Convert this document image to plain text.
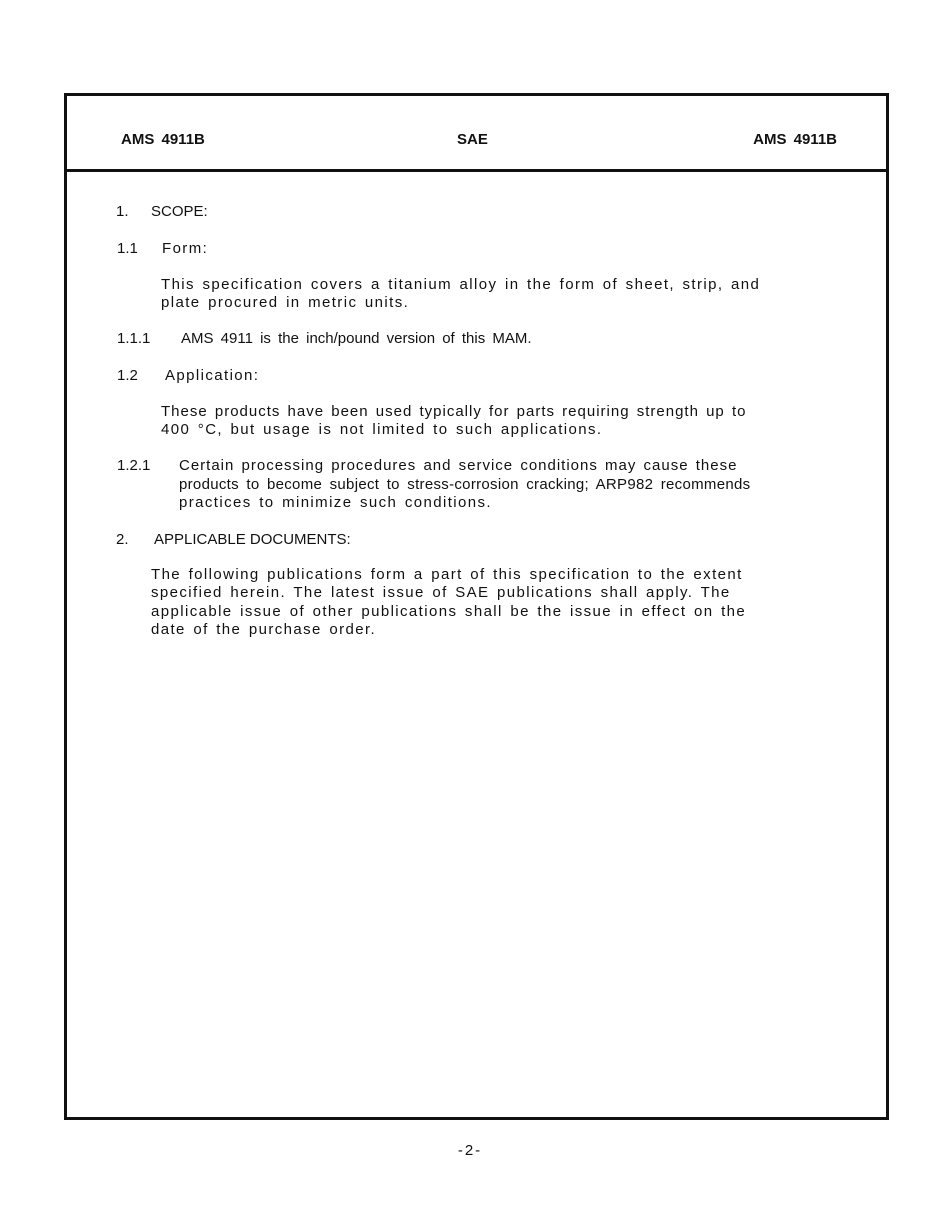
AMS 4911B	SAE	AMS 4911B
1. SCOPE:
1.1 Form:
This specification covers a titanium alloy in the form of sheet, strip, and
plate procured in metric units.
1.1.1 AMS 4911 is the inch/pound version of this MAM.
1.2 Application:
These products have been used typically for parts requiring strength up to
400 °C, but usage is not limited to such applications.
1.2.1 Certain processing procedures and service conditions may cause these
products to become subject to stress-corrosion cracking; ARP982 recommends
practices to minimize such conditions.
2. APPLICABLE DOCUMENTS:
The following publications form a part of this specification to the extent
specified herein. The latest issue of SAE publications shall apply. The
applicable issue of other publications shall be the issue in effect on the
date of the purchase order.
-2-
